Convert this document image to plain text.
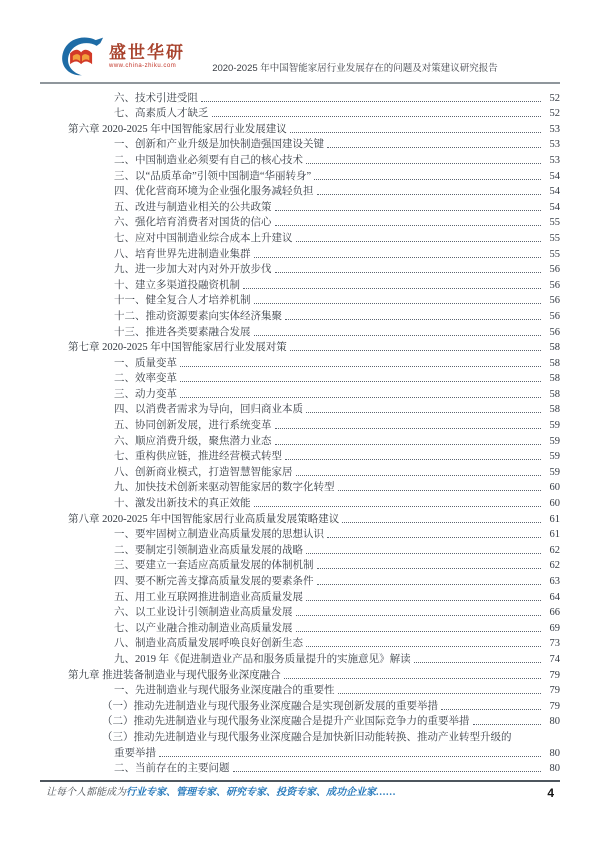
盛世华研
www.china-zhiku.com	2020-2025 年中国智能家居行业发展存在的问题及对策建议研究报告
六、技术引进受阻	52
七、高素质人才缺乏	52
第六章 2020-2025 年中国智能家居行业发展建议	53
一、创新和产业升级是加快制造强国建设关键	53
二、中国制造业必须要有自己的核心技术	53
三、以“品质革命”引领中国制造“华丽转身”	54
四、优化营商环境为企业强化服务减轻负担	54
五、改进与制造业相关的公共政策	54
六、强化培育消费者对国货的信心	55
七、应对中国制造业综合成本上升建议	55
八、培育世界先进制造业集群	55
九、进一步加大对内对外开放步伐	56
十、建立多渠道投融资机制	56
十一、健全复合人才培养机制	56
十二、推动资源要素向实体经济集聚	56
十三、推进各类要素融合发展	56
第七章 2020-2025 年中国智能家居行业发展对策	58
一、质量变革	58
二、效率变革	58
三、动力变革	58
四、以消费者需求为导向，回归商业本质	58
五、协同创新发展，进行系统变革	59
六、顺应消费升级，聚焦潜力业态	59
七、重构供应链，推进经营模式转型	59
八、创新商业模式，打造智慧智能家居	59
九、加快技术创新来驱动智能家居的数字化转型	60
十、激发出新技术的真正效能	60
第八章 2020-2025 年中国智能家居行业高质量发展策略建议	61
一、要牢固树立制造业高质量发展的思想认识	61
二、要制定引领制造业高质量发展的战略	62
三、要建立一套适应高质量发展的体制机制	62
四、要不断完善支撑高质量发展的要素条件	63
五、用工业互联网推进制造业高质量发展	64
六、以工业设计引领制造业高质量发展	66
七、以产业融合推动制造业高质量发展	69
八、制造业高质量发展呼唤良好创新生态	73
九、2019 年《促进制造业产品和服务质量提升的实施意见》解读	74
第九章 推进装备制造业与现代服务业深度融合	79
一、先进制造业与现代服务业深度融合的重要性	79
（一）推动先进制造业与现代服务业深度融合是实现创新发展的重要举措	79
（二）推动先进制造业与现代服务业深度融合是提升产业国际竞争力的重要举措	80
（三）推动先进制造业与现代服务业深度融合是加快新旧动能转换、推动产业转型升级的
重要举措	80
二、当前存在的主要问题	80
让每个人都能成为行业专家、管理专家、研究专家、投资专家、成功企业家……	4
